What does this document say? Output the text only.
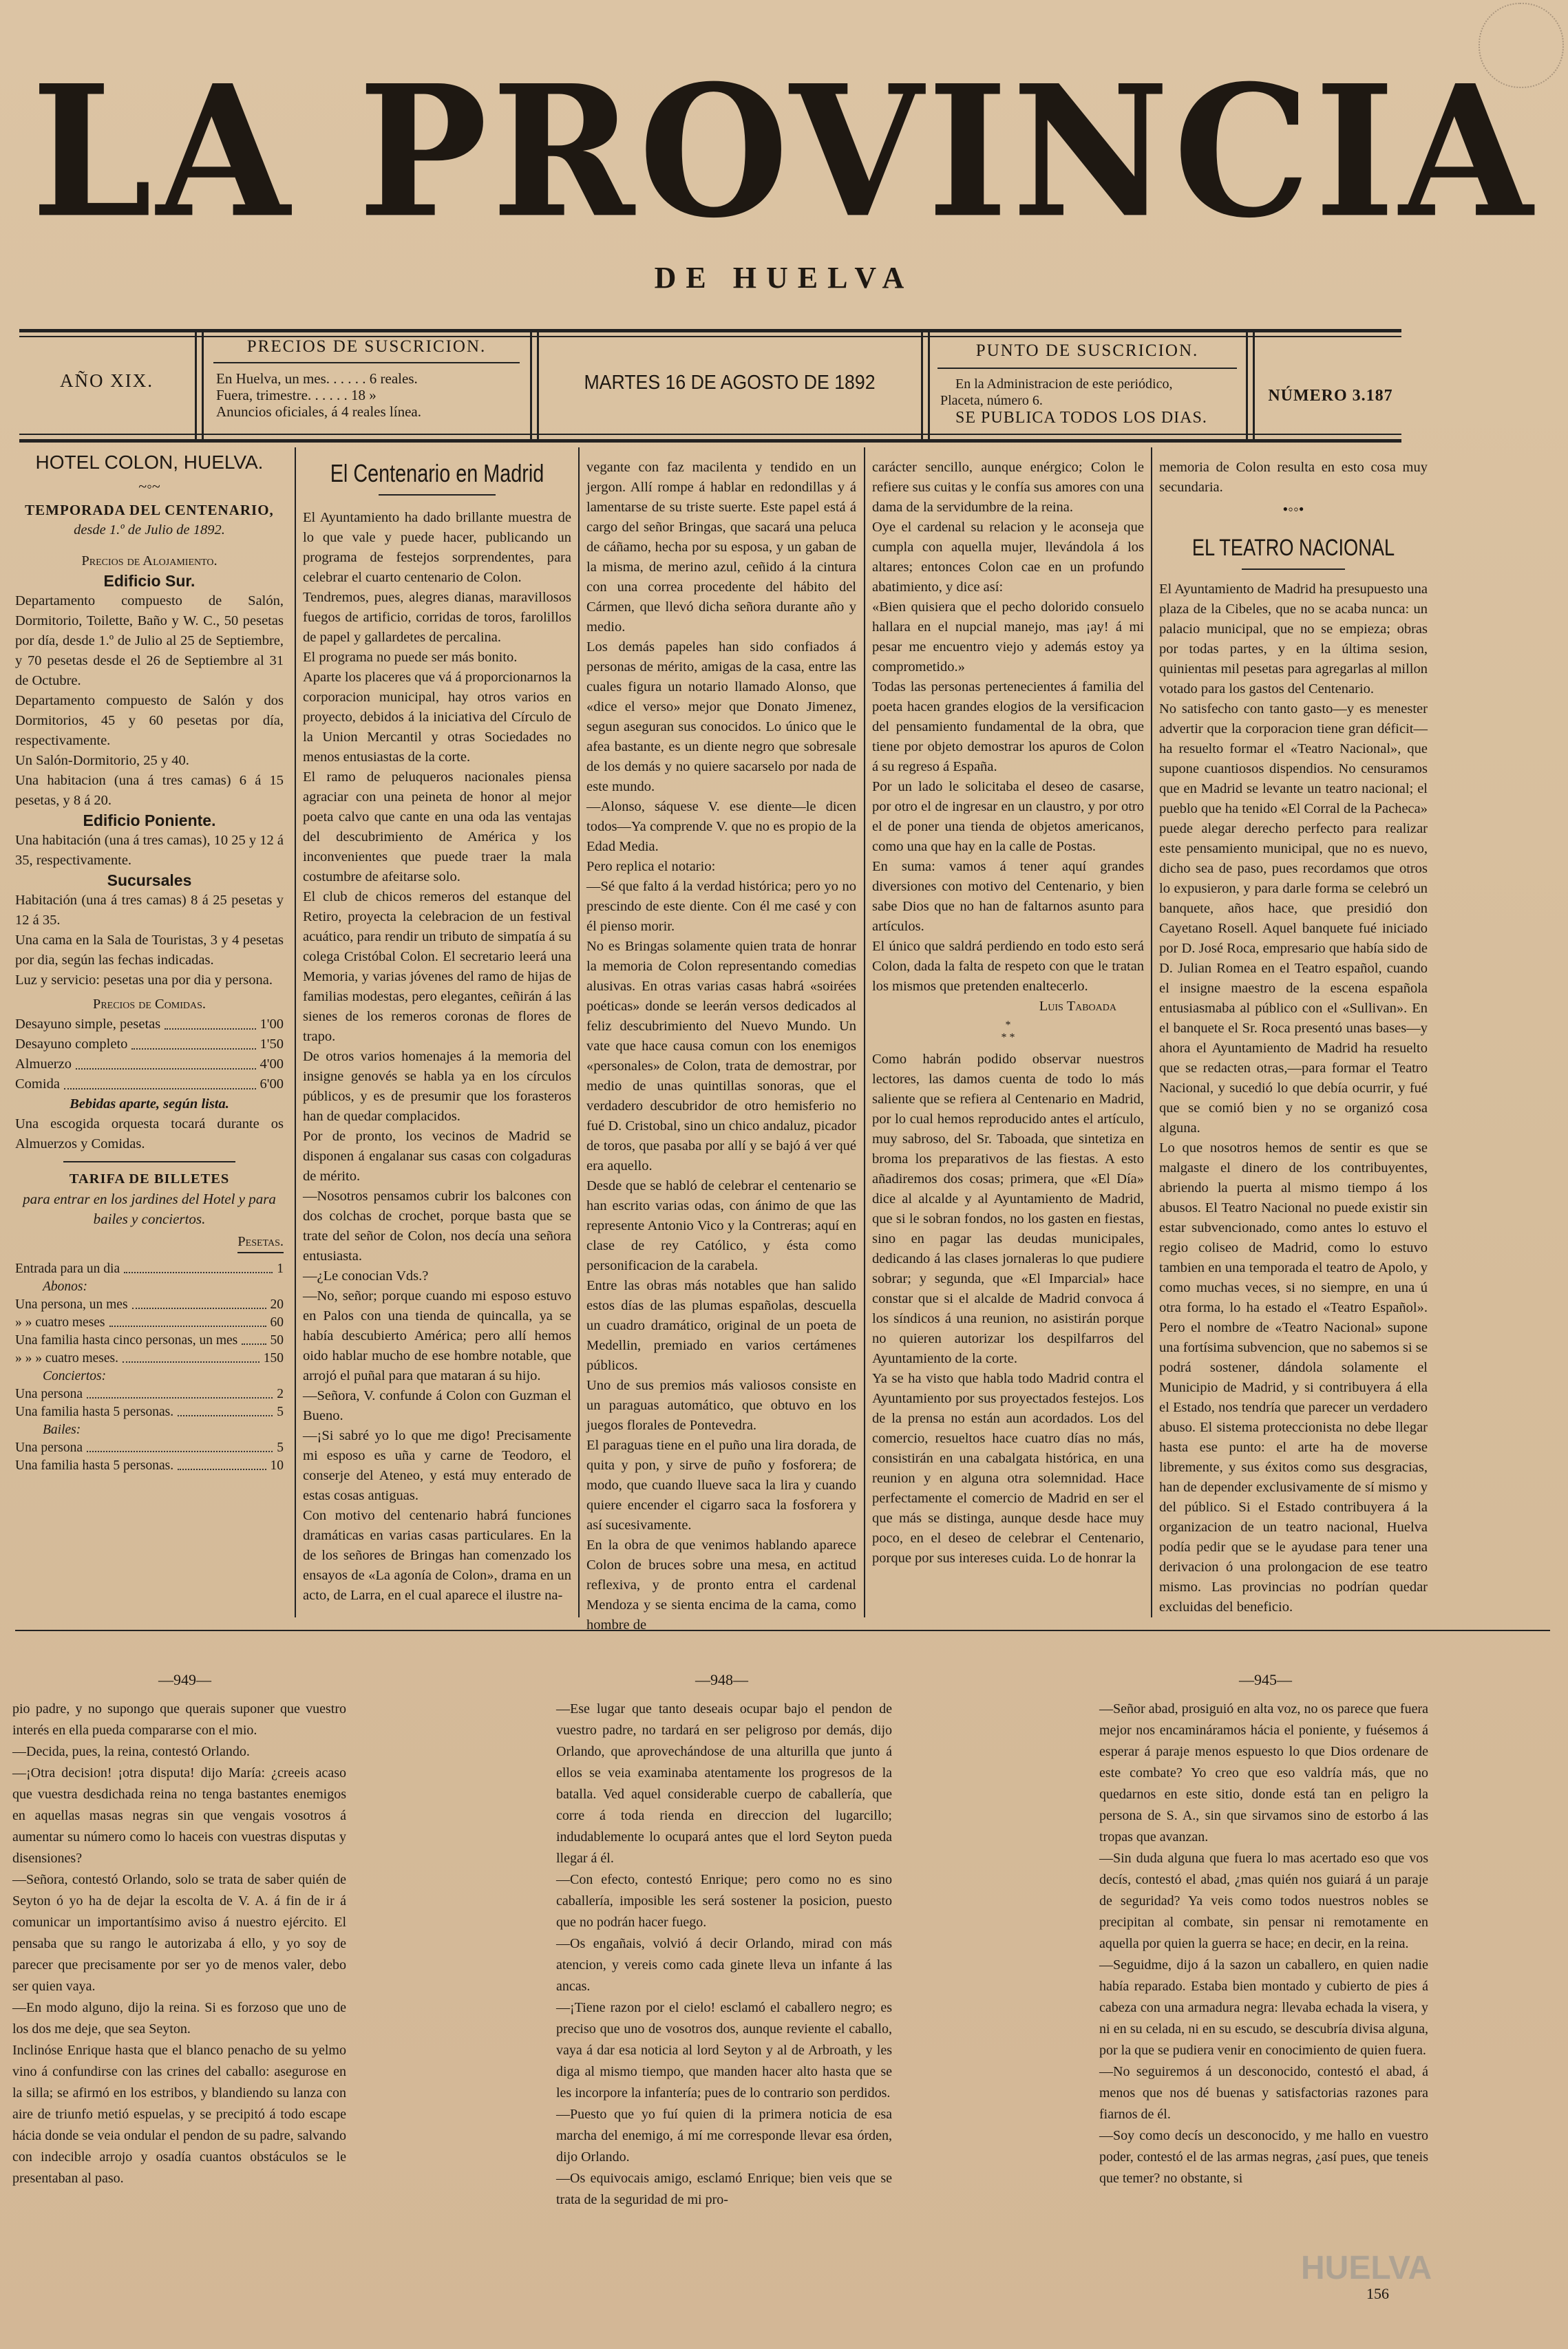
LA PROVINCIA
DE HUELVA
AÑO XIX.
PRECIOS DE SUSCRICION.
En Huelva, un mes. . . . . . 6 reales.
Fuera, trimestre. . . . . . 18 »
Anuncios oficiales, á 4 reales línea.
MARTES 16 DE AGOSTO DE 1892
PUNTO DE SUSCRICION.
En la Administracion de este periódico,
Placeta, número 6.
SE PUBLICA TODOS LOS DIAS.
NÚMERO 3.187
HOTEL COLON, HUELVA.
~◦~
TEMPORADA DEL CENTENARIO,
desde 1.º de Julio de 1892.
Precios de Alojamiento.
Edificio Sur.
Departamento compuesto de Salón, Dormitorio, Toilette, Baño y W. C., 50 pesetas por día, desde 1.º de Julio al 25 de Septiembre, y 70 pesetas desde el 26 de Septiembre al 31 de Octubre.
Departamento compuesto de Salón y dos Dormitorios, 45 y 60 pesetas por día, respectivamente.
Un Salón-Dormitorio, 25 y 40.
Una habitacion (una á tres camas) 6 á 15 pesetas, y 8 á 20.
Edificio Poniente.
Una habitación (una á tres camas), 10 25 y 12 á 35, respectivamente.
Sucursales
Habitación (una á tres camas) 8 á 25 pesetas y 12 á 35.
Una cama en la Sala de Touristas, 3 y 4 pesetas por dia, según las fechas indicadas.
Luz y servicio: pesetas una por dia y persona.
Precios de Comidas.
Desayuno simple, pesetas	1'00
Desayuno completo	1'50
Almuerzo	4'00
Comida	6'00
Bebidas aparte, según lista.
Una escogida orquesta tocará durante os Almuerzos y Comidas.
TARIFA DE BILLETES
para entrar en los jardines del Hotel y para bailes y conciertos.
Pesetas.
Entrada para un dia	1
Abonos:
Una persona, un mes	20
» » cuatro meses	60
Una familia hasta cinco personas, un mes 50
» » » cuatro meses.	150
Conciertos:
Una persona	2
Una familia hasta 5 personas.	5
Bailes:
Una persona	5
Una familia hasta 5 personas.	10
El Centenario en Madrid
El Ayuntamiento ha dado brillante muestra de lo que vale y puede hacer, publicando un programa de festejos sorprendentes, para celebrar el cuarto centenario de Colon.
Tendremos, pues, alegres dianas, maravillosos fuegos de artificio, corridas de toros, farolillos de papel y gallardetes de percalina.
El programa no puede ser más bonito.
Aparte los placeres que vá á proporcionarnos la corporacion municipal, hay otros varios en proyecto, debidos á la iniciativa del Círculo de la Union Mercantil y otras Sociedades no menos entusiastas de la corte.
El ramo de peluqueros nacionales piensa agraciar con una peineta de honor al mejor poeta calvo que cante en una oda las ventajas del descubrimiento de América y los inconvenientes que puede traer la mala costumbre de afeitarse solo.
El club de chicos remeros del estanque del Retiro, proyecta la celebracion de un festival acuático, para rendir un tributo de simpatía á su colega Cristóbal Colon. El secretario leerá una Memoria, y varias jóvenes del ramo de hijas de familias modestas, pero elegantes, ceñirán á las sienes de los remeros coronas de flores de trapo.
De otros varios homenajes á la memoria del insigne genovés se habla ya en los círculos públicos, y es de presumir que los forasteros han de quedar complacidos.
Por de pronto, los vecinos de Madrid se disponen á engalanar sus casas con colgaduras de mérito.
—Nosotros pensamos cubrir los balcones con dos colchas de crochet, porque basta que se trate del señor de Colon, nos decía una señora entusiasta.
—¿Le conocian Vds.?
—No, señor; porque cuando mi esposo estuvo en Palos con una tienda de quincalla, ya se había descubierto América; pero allí hemos oido hablar mucho de ese hombre notable, que arrojó el puñal para que mataran á su hijo.
—Señora, V. confunde á Colon con Guzman el Bueno.
—¡Si sabré yo lo que me digo! Precisamente mi esposo es uña y carne de Teodoro, el conserje del Ateneo, y está muy enterado de estas cosas antiguas.
Con motivo del centenario habrá funciones dramáticas en varias casas particulares. En la de los señores de Bringas han comenzado los ensayos de «La agonía de Colon», drama en un acto, de Larra, en el cual aparece el ilustre na-
vegante con faz macilenta y tendido en un jergon. Allí rompe á hablar en redondillas y á lamentarse de su triste suerte. Este papel está á cargo del señor Bringas, que sacará una peluca de cáñamo, hecha por su esposa, y un gaban de la misma, de merino azul, ceñido á la cintura con una correa procedente del hábito del Cármen, que llevó dicha señora durante año y medio.
Los demás papeles han sido confiados á personas de mérito, amigas de la casa, entre las cuales figura un notario llamado Alonso, que «dice el verso» mejor que Donato Jimenez, segun aseguran sus conocidos. Lo único que le afea bastante, es un diente negro que sobresale de los demás y no quiere sacarselo por nada de este mundo.
—Alonso, sáquese V. ese diente—le dicen todos—Ya comprende V. que no es propio de la Edad Media.
Pero replica el notario:
—Sé que falto á la verdad histórica; pero yo no prescindo de este diente. Con él me casé y con él pienso morir.
No es Bringas solamente quien trata de honrar la memoria de Colon representando comedias alusivas. En otras varias casas habrá «soirées poéticas» donde se leerán versos dedicados al feliz descubrimiento del Nuevo Mundo. Un vate que hace causa comun con los enemigos «personales» de Colon, trata de demostrar, por medio de unas quintillas sonoras, que el verdadero descubridor de otro hemisferio no fué D. Cristobal, sino un chico andaluz, picador de toros, que pasaba por allí y se bajó á ver qué era aquello.
Desde que se habló de celebrar el centenario se han escrito varias odas, con ánimo de que las represente Antonio Vico y la Contreras; aquí en clase de rey Católico, y ésta como personificacion de la carabela.
Entre las obras más notables que han salido estos días de las plumas españolas, descuella un cuadro dramático, original de un poeta de Medellin, premiado en varios certámenes públicos.
Uno de sus premios más valiosos consiste en un paraguas automático, que obtuvo en los juegos florales de Pontevedra.
El paraguas tiene en el puño una lira dorada, de quita y pon, y sirve de puño y fosforera; de modo, que cuando llueve saca la lira y cuando quiere encender el cigarro saca la fosforera y así sucesivamente.
En la obra de que venimos hablando aparece Colon de bruces sobre una mesa, en actitud reflexiva, y de pronto entra el cardenal Mendoza y se sienta encima de la cama, como hombre de
carácter sencillo, aunque enérgico; Colon le refiere sus cuitas y le confía sus amores con una dama de la servidumbre de la reina.
Oye el cardenal su relacion y le aconseja que cumpla con aquella mujer, llevándola á los altares; entonces Colon cae en un profundo abatimiento, y dice así:
«Bien quisiera que el pecho dolorido consuelo hallara en el nupcial manejo, mas ¡ay! á mi pesar me encuentro viejo y además estoy ya comprometido.»
Todas las personas pertenecientes á familia del poeta hacen grandes elogios de la versificacion del pensamiento fundamental de la obra, que tiene por objeto demostrar los apuros de Colon á su regreso á España.
Por un lado le solicitaba el deseo de casarse, por otro el de ingresar en un claustro, y por otro el de poner una tienda de objetos americanos, como una que hay en la calle de Postas.
En suma: vamos á tener aquí grandes diversiones con motivo del Centenario, y bien sabe Dios que no han de faltarnos asunto para artículos.
El único que saldrá perdiendo en todo esto será Colon, dada la falta de respeto con que le tratan los mismos que pretenden enaltecerlo.
Luis Taboada
*
* *
Como habrán podido observar nuestros lectores, las damos cuenta de todo lo más saliente que se refiera al Centenario en Madrid, por lo cual hemos reproducido antes el artículo, muy sabroso, del Sr. Taboada, que sintetiza en broma los preparativos de las fiestas. A esto añadiremos dos cosas; primera, que «El Día» dice al alcalde y al Ayuntamiento de Madrid, que si le sobran fondos, no los gasten en fiestas, sino en pagar las deudas municipales, dedicando á las clases jornaleras lo que pudiere sobrar; y segunda, que «El Imparcial» hace constar que si el alcalde de Madrid convoca á los síndicos á una reunion, no asistirán porque no quieren autorizar los despilfarros del Ayuntamiento de la corte.
Ya se ha visto que habla todo Madrid contra el Ayuntamiento por sus proyectados festejos. Los de la prensa no están aun acordados. Los del comercio, resueltos hace cuatro días no más, consistirán en una cabalgata histórica, en una reunion y en alguna otra solemnidad. Hace perfectamente el comercio de Madrid en ser el que más se distinga, aunque desde hace muy poco, en el deseo de celebrar el Centenario, porque por sus intereses cuida. Lo de honrar la
memoria de Colon resulta en esto cosa muy secundaria.
•◦◦•
EL TEATRO NACIONAL
El Ayuntamiento de Madrid ha presupuesto una plaza de la Cibeles, que no se acaba nunca: un palacio municipal, que no se empieza; obras por todas partes, y en la última sesion, quinientas mil pesetas para agregarlas al millon votado para los gastos del Centenario.
No satisfecho con tanto gasto—y es menester advertir que la corporacion tiene gran déficit—ha resuelto formar el «Teatro Nacional», que supone cuantiosos dispendios. No censuramos que en Madrid se levante un teatro nacional; el pueblo que ha tenido «El Corral de la Pacheca» puede alegar derecho perfecto para realizar este pensamiento municipal, que no es nuevo, dicho sea de paso, pues recordamos que otros lo expusieron, y para darle forma se celebró un banquete, años hace, que presidió don Cayetano Rosell. Aquel banquete fué iniciado por D. José Roca, empresario que había sido de D. Julian Romea en el Teatro español, cuando el insigne maestro de la escena española entusiasmaba al público con el «Sullivan». En el banquete el Sr. Roca presentó unas bases—y ahora el Ayuntamiento de Madrid ha resuelto que se redacten otras,—para formar el Teatro Nacional, y sucedió lo que debía ocurrir, y fué que se comió bien y no se organizó cosa alguna.
Lo que nosotros hemos de sentir es que se malgaste el dinero de los contribuyentes, abriendo la puerta al mismo tiempo á los abusos. El Teatro Nacional no puede existir sin estar subvencionado, como antes lo estuvo el regio coliseo de Madrid, como lo estuvo tambien en una temporada el teatro de Apolo, y como muchas veces, si no siempre, en una ú otra forma, lo ha estado el «Teatro Español». Pero el nombre de «Teatro Nacional» supone una fortísima subvencion, que no sabemos si se podrá sostener, dándola solamente el Municipio de Madrid, y si contribuyera á ella el Estado, nos tendría que parecer un verdadero abuso. El sistema proteccionista no debe llegar hasta ese punto: el arte ha de moverse libremente, y sus éxitos como sus desgracias, han de depender exclusivamente de sí mismo y del público. Si el Estado contribuyera á la organizacion de un teatro nacional, Huelva podía pedir que se le ayudase para tener una derivacion ó una prolongacion de ese teatro mismo. Las provincias no podrían quedar excluidas del beneficio.
—949—	—948—	—945—
pio padre, y no supongo que querais suponer que vuestro interés en ella pueda compararse con el mio.
—Decida, pues, la reina, contestó Orlando.
—¡Otra decision! ¡otra disputa! dijo María: ¿creeis acaso que vuestra desdichada reina no tenga bastantes enemigos en aquellas masas negras sin que vengais vosotros á aumentar su número como lo haceis con vuestras disputas y disensiones?
—Señora, contestó Orlando, solo se trata de saber quién de Seyton ó yo ha de dejar la escolta de V. A. á fin de ir á comunicar un importantísimo aviso á nuestro ejército. El pensaba que su rango le autorizaba á ello, y yo soy de parecer que precisamente por ser yo de menos valer, debo ser quien vaya.
—En modo alguno, dijo la reina. Si es forzoso que uno de los dos me deje, que sea Seyton.
Inclinóse Enrique hasta que el blanco penacho de su yelmo vino á confundirse con las crines del caballo: asegurose en la silla; se afirmó en los estribos, y blandiendo su lanza con aire de triunfo metió espuelas, y se precipitó á todo escape hácia donde se veia ondular el pendon de su padre, salvando con indecible arrojo y osadía cuantos obstáculos se le presentaban al paso.
—Ese lugar que tanto deseais ocupar bajo el pendon de vuestro padre, no tardará en ser peligroso por demás, dijo Orlando, que aprovechándose de una alturilla que junto á ellos se veia examinaba atentamente los progresos de la batalla. Ved aquel considerable cuerpo de caballería, que corre á toda rienda en direccion del lugarcillo; indudablemente lo ocupará antes que el lord Seyton pueda llegar á él.
—Con efecto, contestó Enrique; pero como no es sino caballería, imposible les será sostener la posicion, puesto que no podrán hacer fuego.
—Os engañais, volvió á decir Orlando, mirad con más atencion, y vereis como cada ginete lleva un infante á las ancas.
—¡Tiene razon por el cielo! esclamó el caballero negro; es preciso que uno de vosotros dos, aunque reviente el caballo, vaya á dar esa noticia al lord Seyton y al de Arbroath, y les diga al mismo tiempo, que manden hacer alto hasta que se les incorpore la infantería; pues de lo contrario son perdidos.
—Puesto que yo fuí quien di la primera noticia de esa marcha del enemigo, á mí me corresponde llevar esa órden, dijo Orlando.
—Os equivocais amigo, esclamó Enrique; bien veis que se trata de la seguridad de mi pro-
—Señor abad, prosiguió en alta voz, no os parece que fuera mejor nos encamináramos hácia el poniente, y fuésemos á esperar á paraje menos espuesto lo que Dios ordenare de este combate? Yo creo que eso valdría más, que no quedarnos en este sitio, donde está tan en peligro la persona de S. A., sin que sirvamos sino de estorbo á las tropas que avanzan.
—Sin duda alguna que fuera lo mas acertado eso que vos decís, contestó el abad, ¿mas quién nos guiará á un paraje de seguridad? Ya veis como todos nuestros nobles se precipitan al combate, sin pensar ni remotamente en aquella por quien la guerra se hace; en decir, en la reina.
—Seguidme, dijo á la sazon un caballero, en quien nadie había reparado. Estaba bien montado y cubierto de pies á cabeza con una armadura negra: llevaba echada la visera, y ni en su celada, ni en su escudo, se descubría divisa alguna, por la que se pudiera venir en conocimiento de quien fuera.
—No seguiremos á un desconocido, contestó el abad, á menos que nos dé buenas y satisfactorias razones para fiarnos de él.
—Soy como decís un desconocido, y me hallo en vuestro poder, contestó el de las armas negras, ¿así pues, que teneis que temer? no obstante, si
156
HUELVA
